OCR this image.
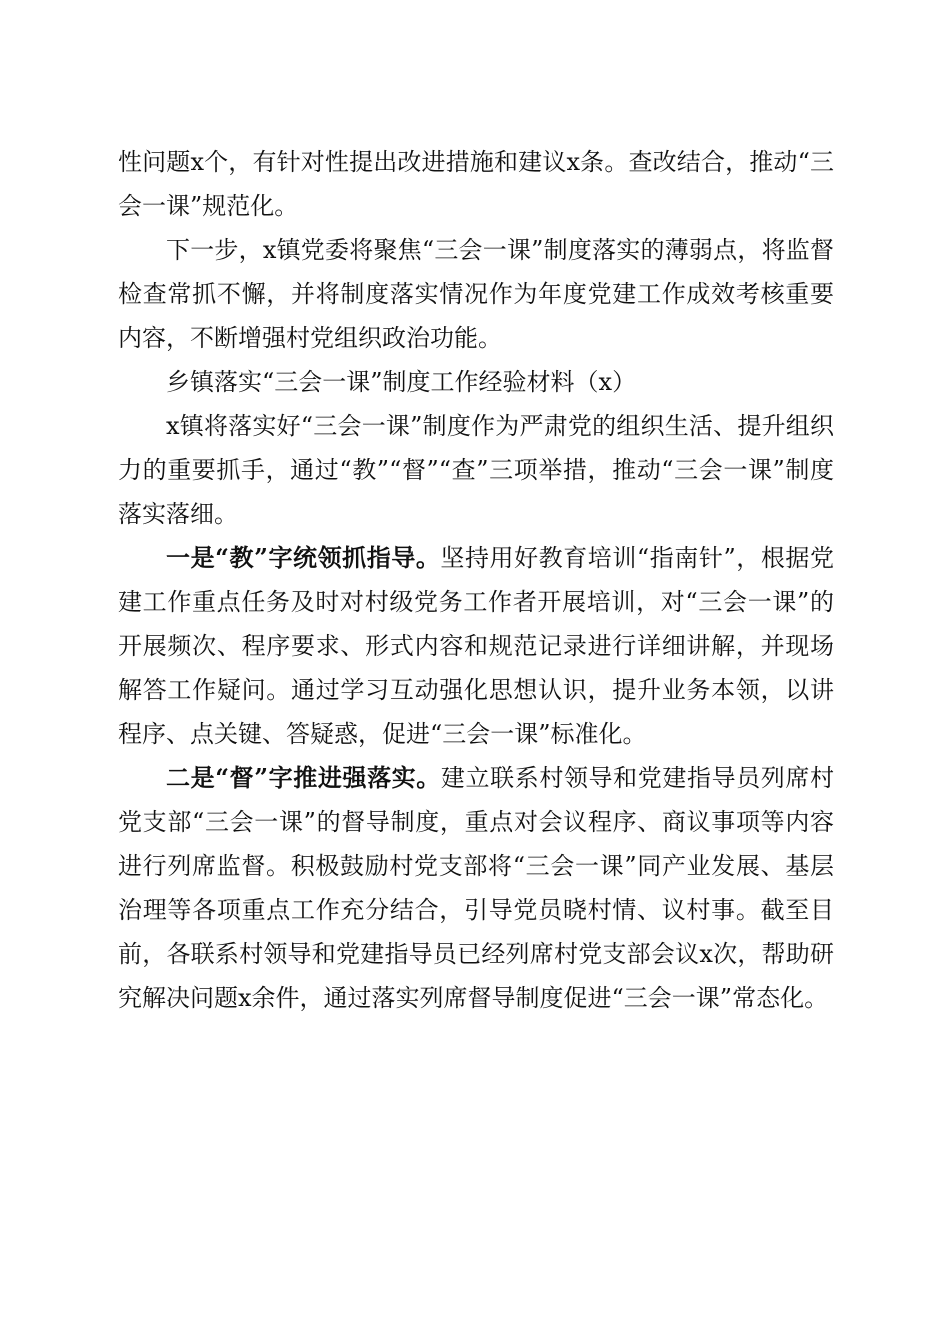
性问题x个，有针对性提出改进措施和建议x条。查改结合，推动“三会一课”规范化。

下一步，x镇党委将聚焦“三会一课”制度落实的薄弱点，将监督检查常抓不懈，并将制度落实情况作为年度党建工作成效考核重要内容，不断增强村党组织政治功能。

乡镇落实“三会一课”制度工作经验材料（x）

x镇将落实好“三会一课”制度作为严肃党的组织生活、提升组织力的重要抓手，通过“教”“督”“查”三项举措，推动“三会一课”制度落实落细。

一是“教”字统领抓指导。坚持用好教育培训“指南针”，根据党建工作重点任务及时对村级党务工作者开展培训，对“三会一课”的开展频次、程序要求、形式内容和规范记录进行详细讲解，并现场解答工作疑问。通过学习互动强化思想认识，提升业务本领，以讲程序、点关键、答疑惑，促进“三会一课”标准化。

二是“督”字推进强落实。建立联系村领导和党建指导员列席村党支部“三会一课”的督导制度，重点对会议程序、商议事项等内容进行列席监督。积极鼓励村党支部将“三会一课”同产业发展、基层治理等各项重点工作充分结合，引导党员晓村情、议村事。截至目前，各联系村领导和党建指导员已经列席村党支部会议x次，帮助研究解决问题x余件，通过落实列席督导制度促进“三会一课”常态化。
